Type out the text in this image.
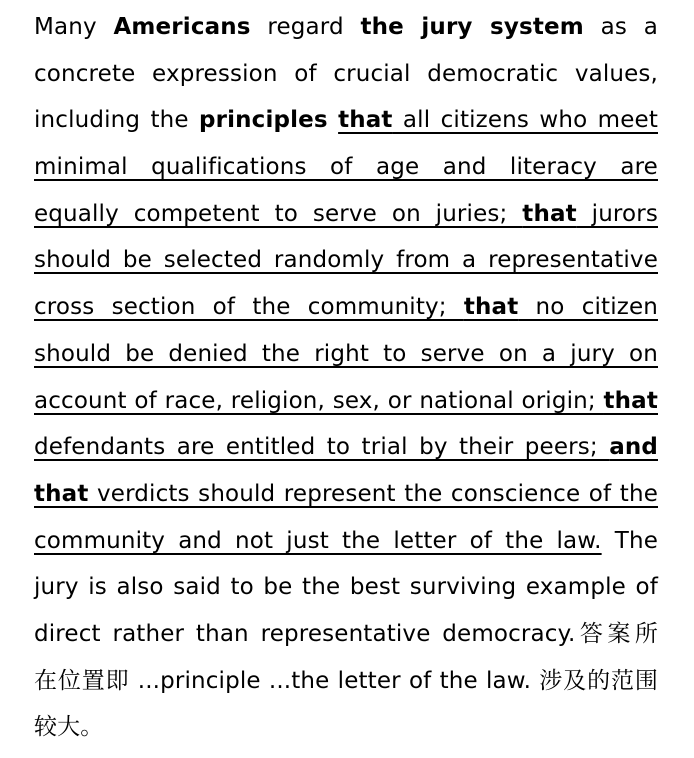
Many Americans regard the jury system as a
concrete expression of crucial democratic values,
including the principles that all citizens who meet
minimal qualifications of age and literacy are
equally competent to serve on juries; that jurors
should be selected randomly from a representative
cross section of the community; that no citizen
should be denied the right to serve on a jury on
account of race, religion, sex, or national origin; that
defendants are entitled to trial by their peers; and
that verdicts should represent the conscience of the
community and not just the letter of the law. The
jury is also said to be the best surviving example of
direct rather than representative democracy.答案所
在位置即 ...principle ...the letter of the law. 涉及的范围
较大。
